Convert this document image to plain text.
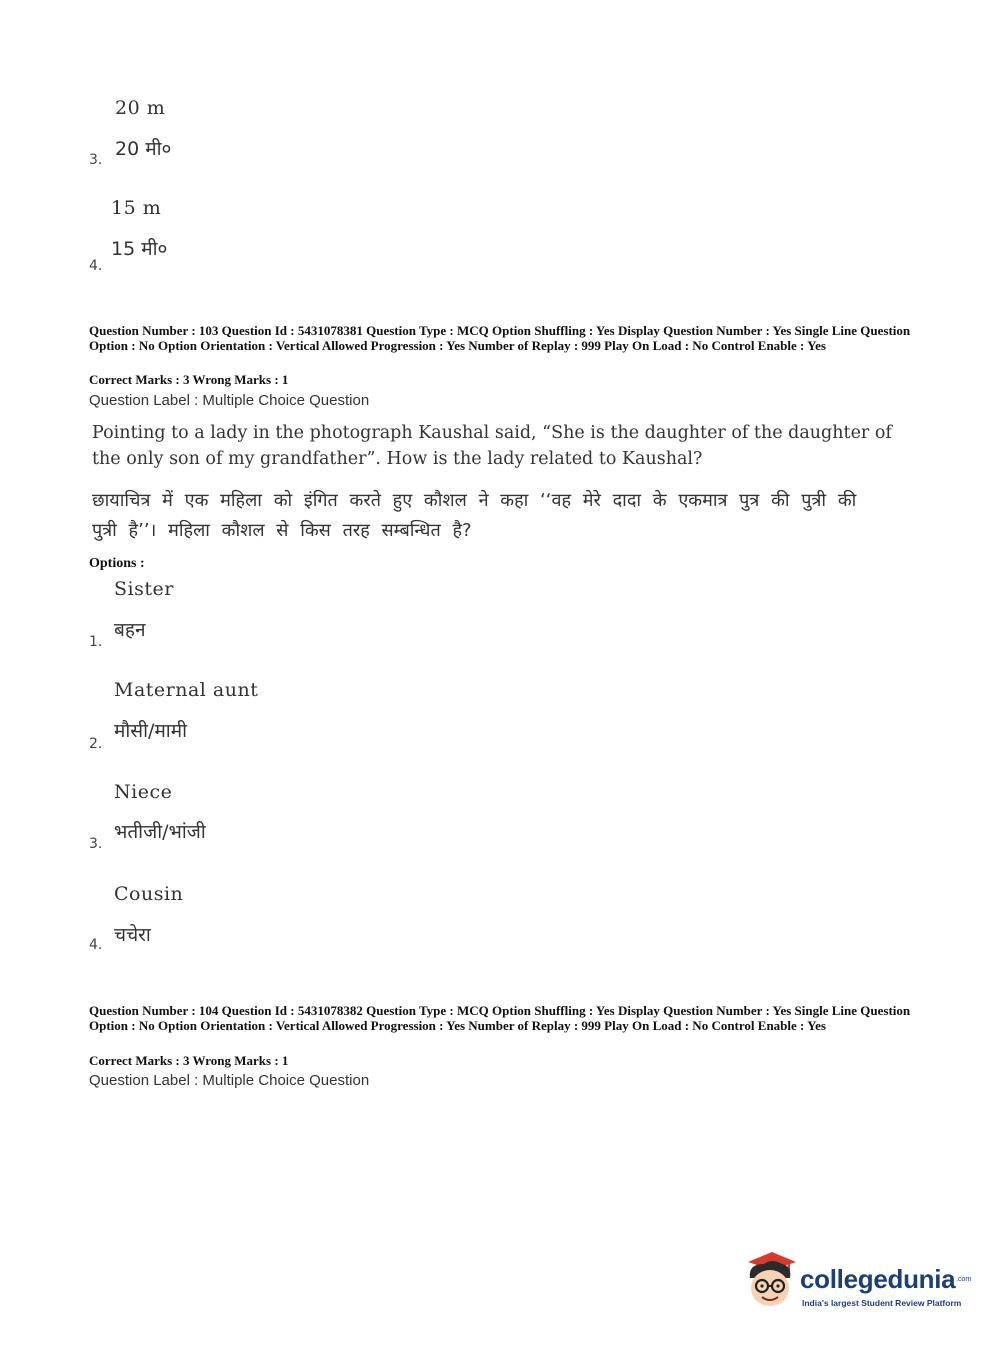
20 m
20 मी०
3.
15 m
15 मी०
4.
Question Number : 103 Question Id : 5431078381 Question Type : MCQ Option Shuffling : Yes Display Question Number : Yes Single Line Question Option : No Option Orientation : Vertical Allowed Progression : Yes Number of Replay : 999 Play On Load : No Control Enable : Yes
Correct Marks : 3 Wrong Marks : 1
Question Label : Multiple Choice Question
Pointing to a lady in the photograph Kaushal said, “She is the daughter of the daughter of the only son of my grandfather”. How is the lady related to Kaushal?
छायाचित्र में एक महिला को इंगित करते हुए कौशल ने कहा ‘‘वह मेरे दादा के एकमात्र पुत्र की पुत्री की पुत्री है’’। महिला कौशल से किस तरह सम्बन्धित है?
Options :
Sister
बहन
1.
Maternal aunt
मौसी/मामी
2.
Niece
भतीजी/भांजी
3.
Cousin
चचेरा
4.
Question Number : 104 Question Id : 5431078382 Question Type : MCQ Option Shuffling : Yes Display Question Number : Yes Single Line Question Option : No Option Orientation : Vertical Allowed Progression : Yes Number of Replay : 999 Play On Load : No Control Enable : Yes
Correct Marks : 3 Wrong Marks : 1
Question Label : Multiple Choice Question
collegedunia .com
India's largest Student Review Platform
